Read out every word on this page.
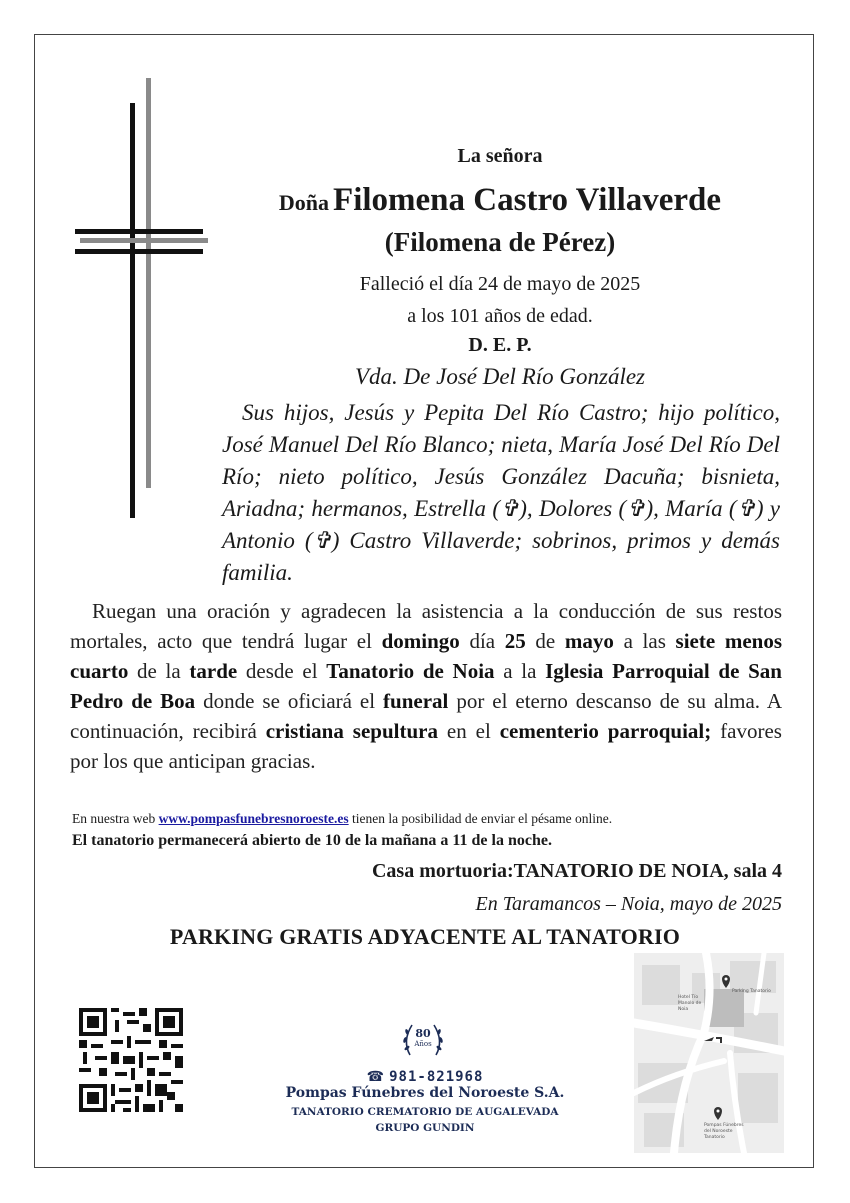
La señora
Doña Filomena Castro Villaverde
(Filomena de Pérez)
Falleció el día 24 de mayo de 2025
a los 101 años de edad.
D. E. P.
Vda. De José Del Río González
Sus hijos, Jesús y Pepita Del Río Castro; hijo político, José Manuel Del Río Blanco; nieta, María José Del Río Del Río; nieto político, Jesús González Dacuña; bisnieta, Ariadna; hermanos, Estrella (✞), Dolores (✞), María (✞) y Antonio (✞) Castro Villaverde; sobrinos, primos y demás familia.
Ruegan una oración y agradecen la asistencia a la conducción de sus restos mortales, acto que tendrá lugar el domingo día 25 de mayo a las siete menos cuarto de la tarde desde el Tanatorio de Noia a la Iglesia Parroquial de San Pedro de Boa donde se oficiará el funeral por el eterno descanso de su alma. A continuación, recibirá cristiana sepultura en el cementerio parroquial; favores por los que anticipan gracias.
En nuestra web www.pompasfunebresnoroeste.es tienen la posibilidad de enviar el pésame online.
El tanatorio permanecerá abierto de 10 de la mañana a 11 de la noche.
Casa mortuoria:TANATORIO DE NOIA, sala 4
En Taramancos – Noia, mayo de 2025
PARKING GRATIS ADYACENTE AL TANATORIO
80
Años
☎ 981-821968
Pompas Fúnebres del Noroeste S.A.
TANATORIO CREMATORIO DE AUGALEVADA
GRUPO GUNDIN
Parking Tanatorio
Hotel Tío Manolo de Noia
Pompas Fúnebres del Noroeste Tanatorio
